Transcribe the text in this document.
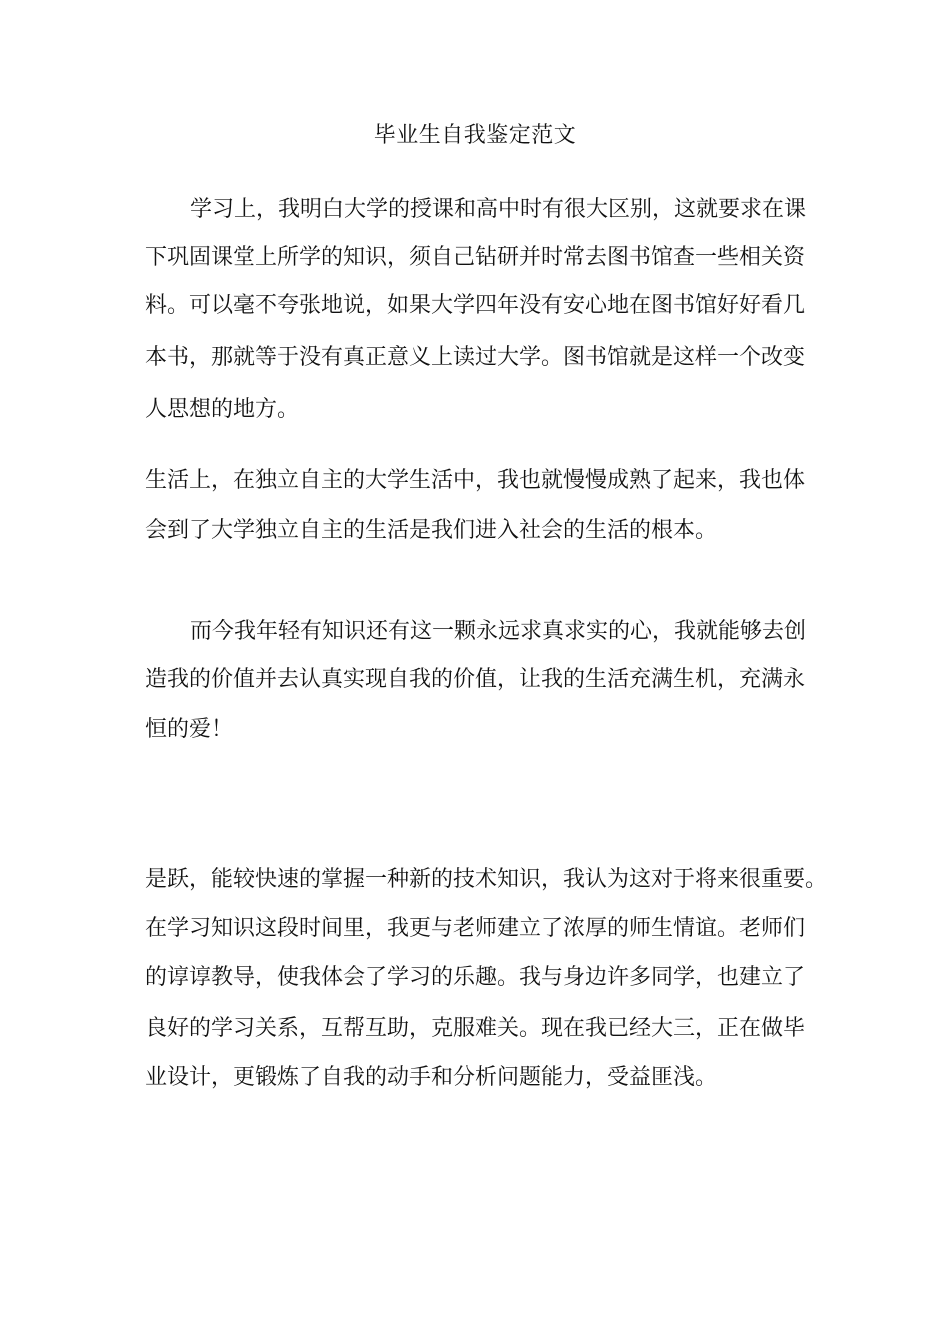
毕业生自我鉴定范文
学习上，我明白大学的授课和高中时有很大区别，这就要求在课
下巩固课堂上所学的知识，须自己钻研并时常去图书馆查一些相关资
料。可以毫不夸张地说，如果大学四年没有安心地在图书馆好好看几
本书，那就等于没有真正意义上读过大学。图书馆就是这样一个改变
人思想的地方。
生活上，在独立自主的大学生活中，我也就慢慢成熟了起来，我也体
会到了大学独立自主的生活是我们进入社会的生活的根本。
而今我年轻有知识还有这一颗永远求真求实的心，我就能够去创
造我的价值并去认真实现自我的价值，让我的生活充满生机，充满永
恒的爱！
是跃，能较快速的掌握一种新的技术知识，我认为这对于将来很重要。
在学习知识这段时间里，我更与老师建立了浓厚的师生情谊。老师们
的谆谆教导，使我体会了学习的乐趣。我与身边许多同学，也建立了
良好的学习关系，互帮互助，克服难关。现在我已经大三，正在做毕
业设计，更锻炼了自我的动手和分析问题能力，受益匪浅。
